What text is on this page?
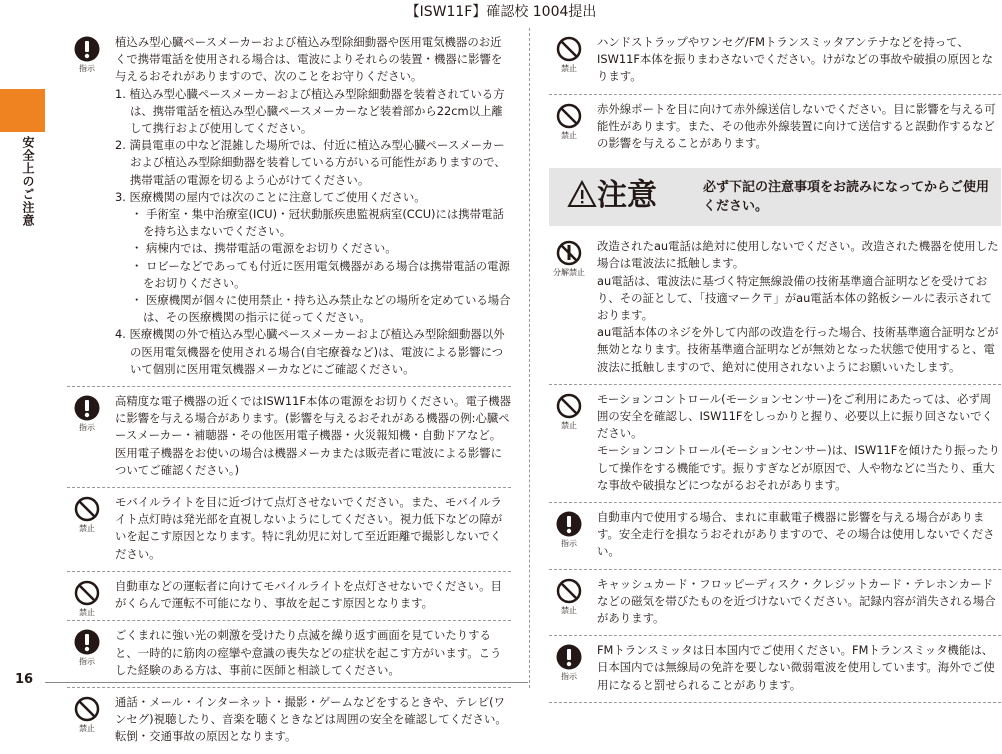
【ISW11F】確認校 1004提出
安全上のご注意
16
指示

植込み型心臓ペースメーカーおよび植込み型除細動器や医用電気機器のお近くで携帯電話を使用される場合は、電波によりそれらの装置・機器に影響を与えるおそれがありますので、次のことをお守りください。

1. 植込み型心臓ペースメーカーおよび植込み型除細動器を装着されている方は、携帯電話を植込み型心臓ペースメーカーなど装着部から22cm以上離して携行および使用してください。
2. 満員電車の中など混雑した場所では、付近に植込み型心臓ペースメーカーおよび植込み型除細動器を装着している方がいる可能性がありますので、携帯電話の電源を切るよう心がけてください。
3. 医療機関の屋内では次のことに注意してご使用ください。
・ 手術室・集中治療室(ICU)・冠状動脈疾患監視病室(CCU)には携帯電話を持ち込まないでください。
・ 病棟内では、携帯電話の電源をお切りください。
・ ロビーなどであっても付近に医用電気機器がある場合は携帯電話の電源をお切りください。
・ 医療機関が個々に使用禁止・持ち込み禁止などの場所を定めている場合は、その医療機関の指示に従ってください。
4. 医療機関の外で植込み型心臓ペースメーカーおよび植込み型除細動器以外の医用電気機器を使用される場合(自宅療養など)は、電波による影響について個別に医用電気機器メーカなどにご確認ください。
指示

高精度な電子機器の近くではISW11F本体の電源をお切りください。電子機器に影響を与える場合があります。(影響を与えるおそれがある機器の例:心臓ペースメーカー・補聴器・その他医用電子機器・火災報知機・自動ドアなど。医用電子機器をお使いの場合は機器メーカまたは販売者に電波による影響についてご確認ください。)

禁止

モバイルライトを目に近づけて点灯させないでください。また、モバイルライト点灯時は発光部を直視しないようにしてください。視力低下などの障がいを起こす原因となります。特に乳幼児に対して至近距離で撮影しないでください。

禁止

自動車などの運転者に向けてモバイルライトを点灯させないでください。目がくらんで運転不可能になり、事故を起こす原因となります。

指示

ごくまれに強い光の刺激を受けたり点滅を繰り返す画面を見ていたりすると、一時的に筋肉の痙攣や意識の喪失などの症状を起こす方がいます。こうした経験のある方は、事前に医師と相談してください。

禁止

通話・メール・インターネット・撮影・ゲームなどをするときや、テレビ(ワンセグ)視聴したり、音楽を聴くときなどは周囲の安全を確認してください。転倒・交通事故の原因となります。

禁止

ハンドストラップやワンセグ/FMトランスミッタアンテナなどを持って、ISW11F本体を振りまわさないでください。けがなどの事故や破損の原因となります。

禁止

赤外線ポートを目に向けて赤外線送信しないでください。目に影響を与える可能性があります。また、その他赤外線装置に向けて送信すると誤動作するなどの影響を与えることがあります。

注意	必ず下記の注意事項をお読みになってからご使用ください。
分解禁止

改造されたau電話は絶対に使用しないでください。改造された機器を使用した場合は電波法に抵触します。

au電話は、電波法に基づく特定無線設備の技術基準適合証明などを受けており、その証として、「技適マーク〒」がau電話本体の銘板シールに表示されております。

au電話本体のネジを外して内部の改造を行った場合、技術基準適合証明などが無効となります。技術基準適合証明などが無効となった状態で使用すると、電波法に抵触しますので、絶対に使用されないようにお願いいたします。

禁止

モーションコントロール(モーションセンサー)をご利用にあたっては、必ず周囲の安全を確認し、ISW11Fをしっかりと握り、必要以上に振り回さないでください。

モーションコントロール(モーションセンサー)は、ISW11Fを傾けたり振ったりして操作をする機能です。振りすぎなどが原因で、人や物などに当たり、重大な事故や破損などにつながるおそれがあります。

指示

自動車内で使用する場合、まれに車載電子機器に影響を与える場合があります。安全走行を損なうおそれがありますので、その場合は使用しないでください。

禁止

キャッシュカード・フロッピーディスク・クレジットカード・テレホンカードなどの磁気を帯びたものを近づけないでください。記録内容が消失される場合があります。

指示

FMトランスミッタは日本国内でご使用ください。FMトランスミッタ機能は、日本国内では無線局の免許を要しない微弱電波を使用しています。海外でご使用になると罰せられることがあります。
